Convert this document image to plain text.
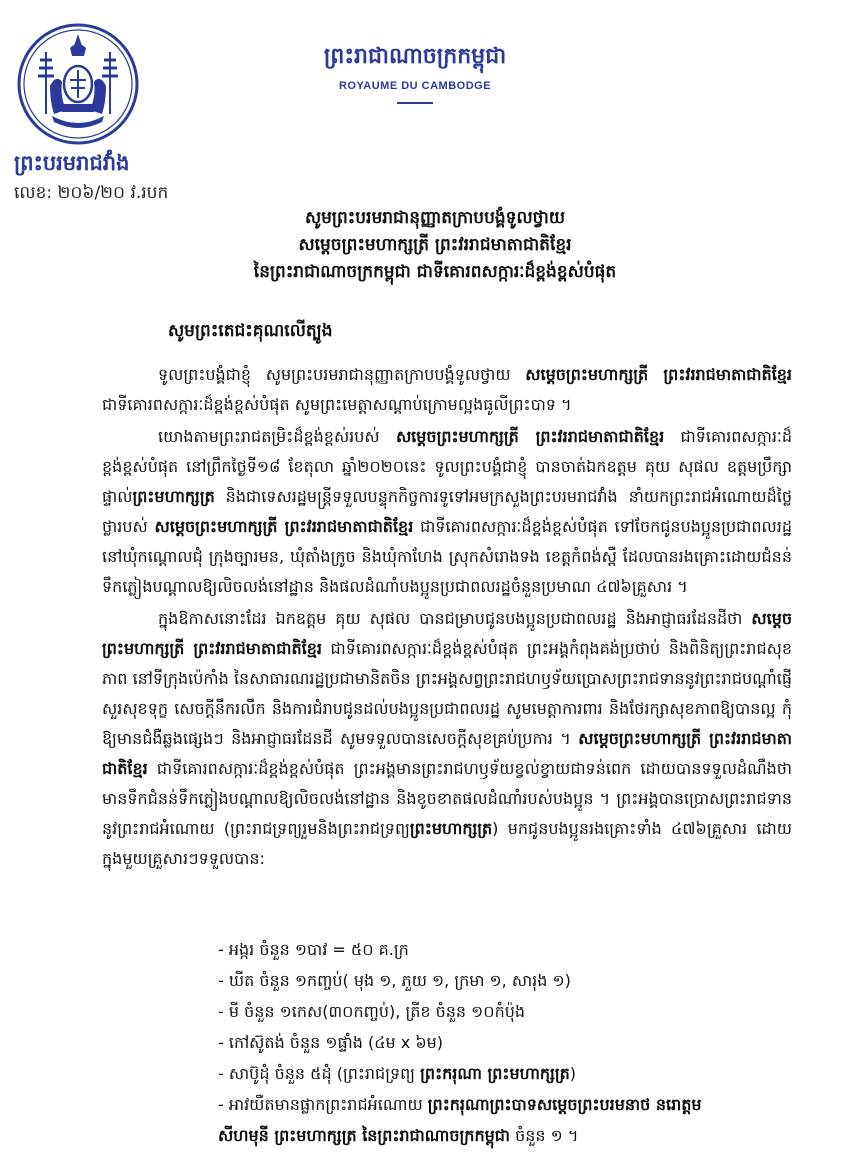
ព្រះបរមរាជវាំង
លេខ: ២០៦/២០ វ.របក
ព្រះរាជាណាចក្រកម្ពុជា
ROYAUME DU CAMBODGE
សូមព្រះបរមរាជានុញ្ញាតក្រាបបង្គំទូលថ្វាយ
សម្តេចព្រះមហាក្សត្រី ព្រះវររាជមាតាជាតិខ្មែរ
នៃព្រះរាជាណាចក្រកម្ពុជា ជាទីគោរពសក្ការៈដ៏ខ្ពង់ខ្ពស់បំផុត
សូមព្រះតេជះគុណលើត្បូង

ទូលព្រះបង្គំជាខ្ញុំ សូមព្រះបរមរាជានុញ្ញាតក្រាបបង្គំទូលថ្វាយ សម្តេចព្រះមហាក្សត្រី ព្រះវររាជមាតាជាតិខ្មែរ ជាទីគោរពសក្ការៈដ៏ខ្ពង់ខ្ពស់បំផុត សូមព្រះមេត្តាសណ្តាប់ក្រោមល្អងធូលីព្រះបាទ ។

យោងតាមព្រះរាជតម្រិះដ៏ខ្ពង់ខ្ពស់របស់ សម្តេចព្រះមហាក្សត្រី ព្រះវររាជមាតាជាតិខ្មែរ ជាទីគោរពសក្ការៈដ៏ខ្ពង់ខ្ពស់បំផុត នៅព្រឹកថ្ងៃទី១៨ ខែតុលា ឆ្នាំ២០២០នេះ ទូលព្រះបង្គំជាខ្ញុំ បានចាត់ឯកឧត្តម គុយ សុផល ឧត្តមប្រឹក្សាផ្ទាល់ព្រះមហាក្សត្រ និងជាទេសរដ្ឋមន្ត្រីទទួលបន្ទុកកិច្ចការទូទៅអមក្រសួងព្រះបរមរាជវាំង នាំយកព្រះរាជអំណោយដ៏ថ្លៃថ្លារបស់ សម្តេចព្រះមហាក្សត្រី ព្រះវររាជមាតាជាតិខ្មែរ ជាទីគោរពសក្ការៈដ៏ខ្ពង់ខ្ពស់បំផុត ទៅចែកជូនបងប្អូនប្រជាពលរដ្ឋនៅឃុំកណ្តោលជុំ ក្រុងច្បារមន, ឃុំតាំងក្រូច និងឃុំកាហែង ស្រុកសំរោងទង ខេត្តកំពង់ស្ពឺ ដែលបានរងគ្រោះដោយជំនន់ទឹកភ្លៀងបណ្តាលឱ្យលិចលង់នៅដ្ឋាន និងផលដំណាំបងប្អូនប្រជាពលរដ្ឋចំនួនប្រមាណ ៤៧៦គ្រួសារ ។

ក្នុងឱកាសនោះដែរ ឯកឧត្តម គុយ សុផល បានជម្រាបជូនបងប្អូនប្រជាពលរដ្ឋ និងអាជ្ញាធរដែនដីថា សម្តេចព្រះមហាក្សត្រី ព្រះវររាជមាតាជាតិខ្មែរ ជាទីគោរពសក្ការៈដ៏ខ្ពង់ខ្ពស់បំផុត ព្រះអង្គកំពុងគង់ប្រថាប់ និងពិនិត្យព្រះរាជសុខភាព នៅទីក្រុងប៉េកាំង នៃសាធារណរដ្ឋប្រជាមានិតចិន ព្រះអង្គសព្វព្រះរាជហឫទ័យប្រោសព្រះរាជទាននូវព្រះរាជបណ្តាំផ្ញើសួរសុខទុក្ខ សេចក្តីនឹករលឹក និងការជំរាបជូនដល់បងប្អូនប្រជាពលរដ្ឋ សូមមេត្តាការពារ និងថែរក្សាសុខភាពឱ្យបានល្អ កុំឱ្យមានជំងឺឆ្លងផ្សេងៗ និងអាជ្ញាធរដែនដី សូមទទួលបានសេចក្តីសុខគ្រប់ប្រការ ។ សម្តេចព្រះមហាក្សត្រី ព្រះវររាជមាតាជាតិខ្មែរ ជាទីគោរពសក្ការៈដ៏ខ្ពង់ខ្ពស់បំផុត ព្រះអង្គមានព្រះរាជហឫទ័យខ្វល់ខ្វាយជាទន់ពេក ដោយបានទទួលដំណឹងថាមានទឹកជំនន់ទឹកភ្លៀងបណ្តាលឱ្យលិចលង់នៅដ្ឋាន និងខូចខាតផលដំណាំរបស់បងប្អូន ។ ព្រះអង្គបានប្រោសព្រះរាជទាននូវព្រះរាជអំណោយ (ព្រះរាជទ្រព្យរួមនិងព្រះរាជទ្រព្យព្រះមហាក្សត្រ) មកជូនបងប្អូនរងគ្រោះទាំង ៤៧៦គ្រួសារ ដោយក្នុងមួយគ្រួសារៗទទួលបាន:

- អង្ករ ចំនួន ១បាវ = ៥០ គ.ក្រ
- ឃីត ចំនួន ១កញ្ចប់( មុង ១, ភួយ ១, ក្រមា ១, សារុង ១)
- មី ចំនួន ១កេស(៣០កញ្ចប់), ត្រីខ ចំនួន ១០កំប៉ុង
- កៅស៊ូតង់ ចំនួន ១ផ្ទាំង (៤ម x ៦ម)
- សាប៊ូដុំ ចំនួន ៥ដុំ (ព្រះរាជទ្រព្យ ព្រះករុណា ព្រះមហាក្សត្រ)
- អាវយឺតមានផ្លាកព្រះរាជអំណោយ ព្រះករុណាព្រះបាទសម្តេចព្រះបរមនាថ នរោត្តម
សីហមុនី ព្រះមហាក្សត្រ នៃព្រះរាជាណាចក្រកម្ពុជា ចំនួន ១ ។
